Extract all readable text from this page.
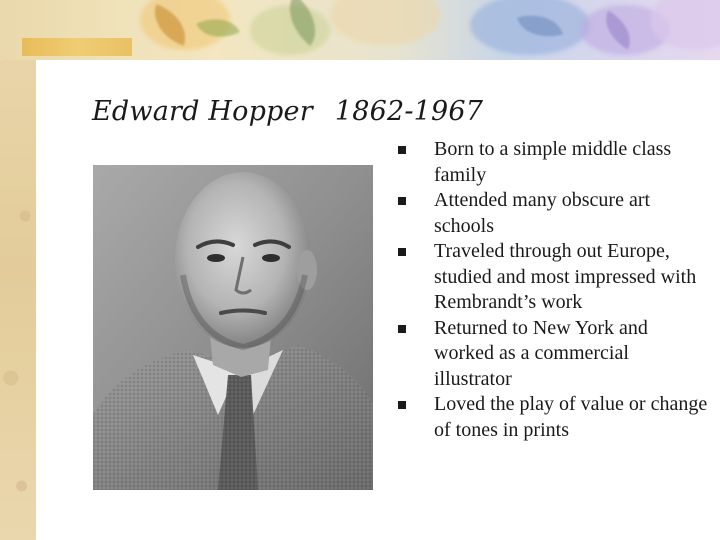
Edward Hopper 1862-1967
Born to a simple middle class family
Attended many obscure art schools
Traveled through out Europe, studied and most impressed with Rembrandt’s work
Returned to New York and worked as a commercial illustrator
Loved the play of value or change of tones in prints
